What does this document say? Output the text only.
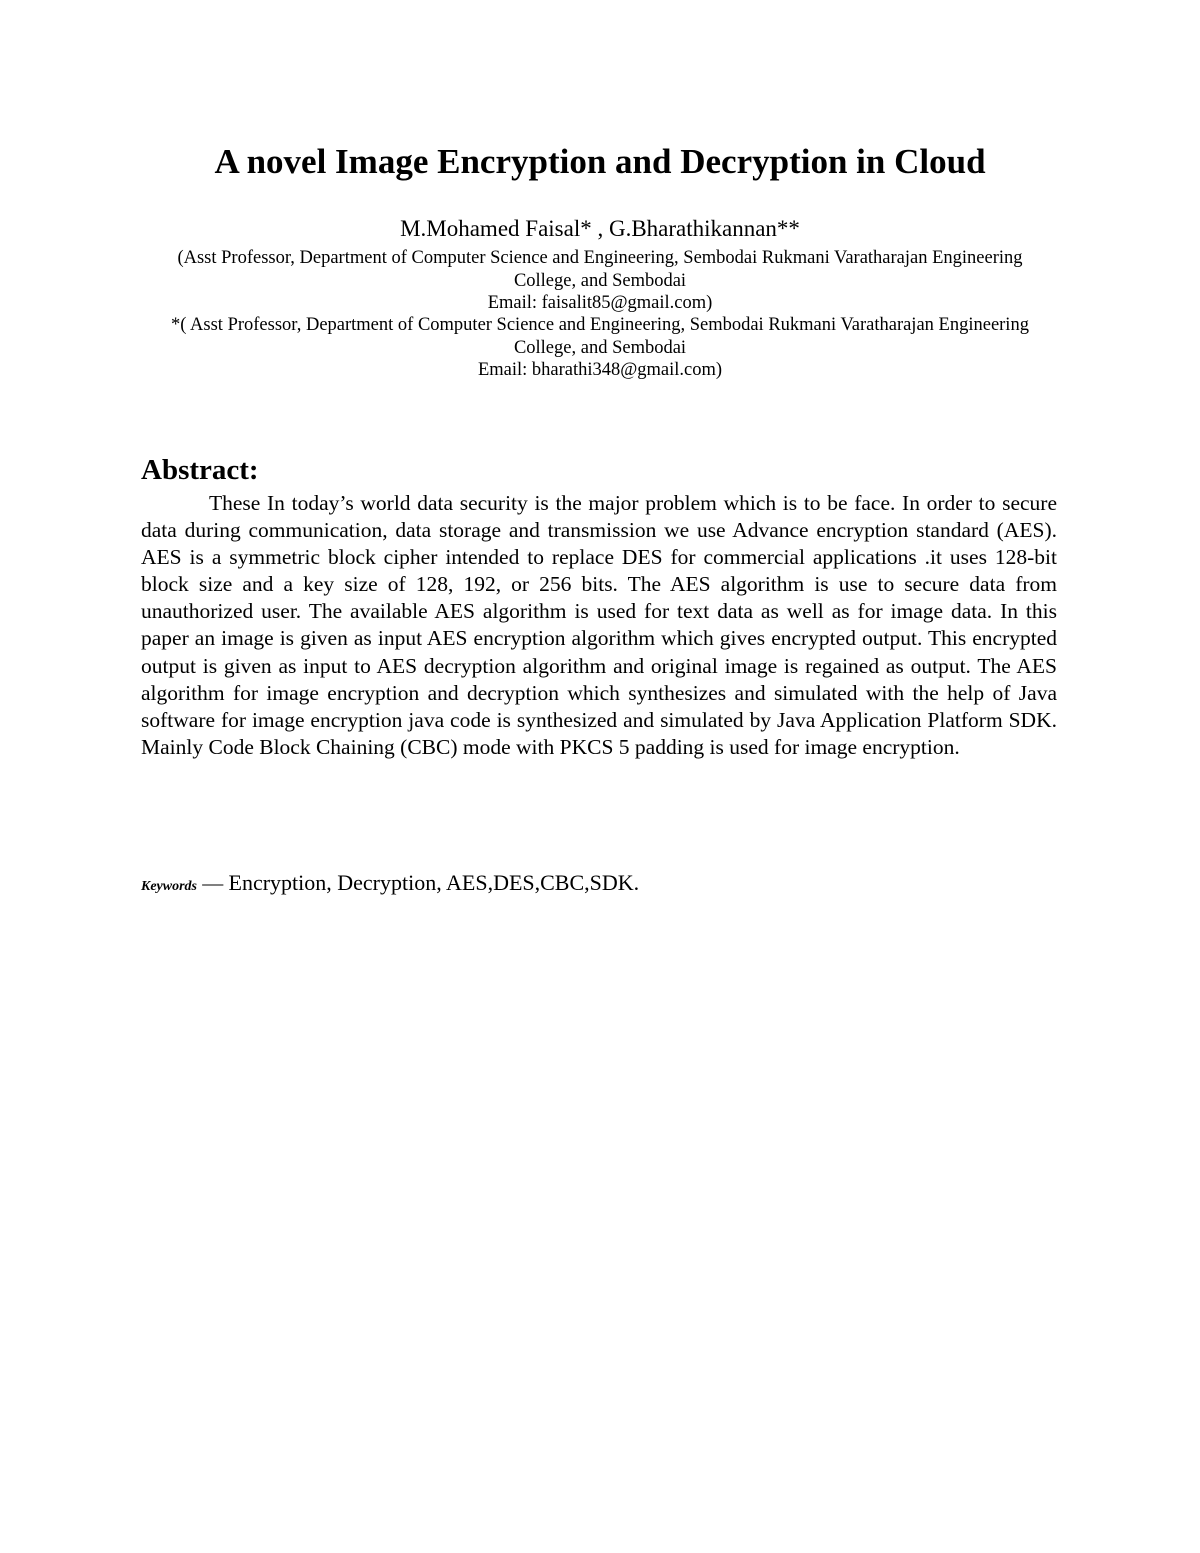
A novel Image Encryption and Decryption in Cloud

M.Mohamed Faisal* , G.Bharathikannan**

(Asst Professor, Department of Computer Science and Engineering, Sembodai Rukmani Varatharajan Engineering

College, and Sembodai

Email: faisalit85@gmail.com)

*( Asst Professor, Department of Computer Science and Engineering, Sembodai Rukmani Varatharajan Engineering

College, and Sembodai

Email: bharathi348@gmail.com)

Abstract:

These In today’s world data security is the major problem which is to be face. In order to secure data during communication, data storage and transmission we use Advance encryption standard (AES). AES is a symmetric block cipher intended to replace DES for commercial applications .it uses 128-bit block size and a key size of 128, 192, or 256 bits. The AES algorithm is use to secure data from unauthorized user. The available AES algorithm is used for text data as well as for image data. In this paper an image is given as input AES encryption algorithm which gives encrypted output. This encrypted output is given as input to AES decryption algorithm and original image is regained as output. The AES algorithm for image encryption and decryption which synthesizes and simulated with the help of Java software for image encryption java code is synthesized and simulated by Java Application Platform SDK. Mainly Code Block Chaining (CBC) mode with PKCS 5 padding is used for image encryption.

Keywords — Encryption, Decryption, AES,DES,CBC,SDK.
